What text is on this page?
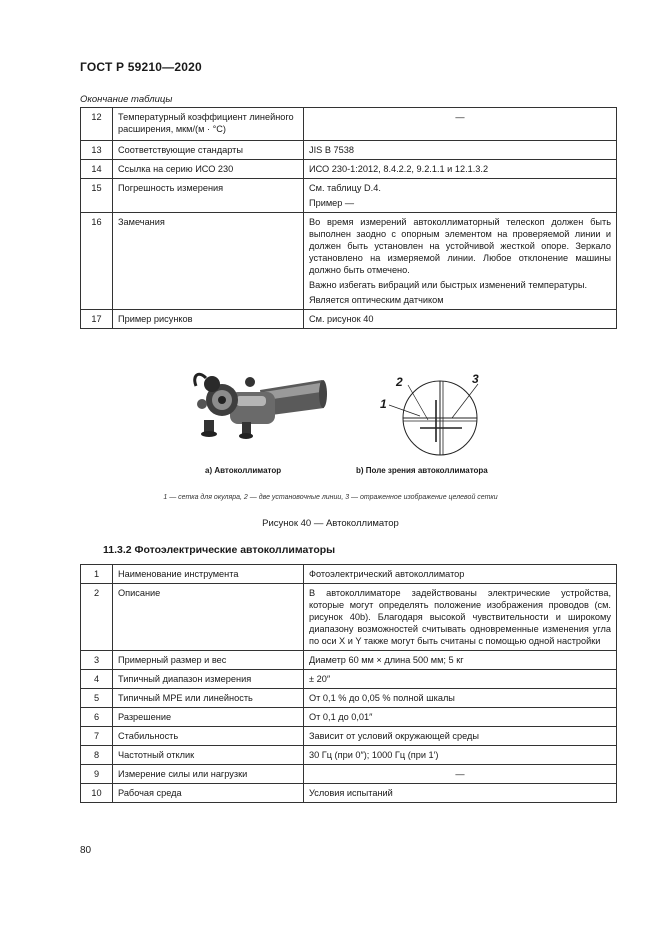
ГОСТ Р 59210—2020
Окончание таблицы
12	Температурный коэффициент линейного расширения, мкм/(м · °C)	—
13	Соответствующие стандарты	JIS B 7538
14	Ссылка на серию ИСО 230	ИСО 230-1:2012, 8.4.2.2, 9.2.1.1 и 12.1.3.2
15	Погрешность измерения	См. таблицу D.4.
Пример —

16	Замечания	Во время измерений автоколлиматорный телескоп должен быть выполнен заодно с опорным элементом на проверяемой линии и должен быть установлен на устойчивой жесткой опоре. Зеркало установлено на измеряемой линии. Любое отклонение машины должно быть отмечено.
Важно избегать вибраций или быстрых изменений температуры.
Является оптическим датчиком

17	Пример рисунков	См. рисунок 40
2	3
1
а) Автоколлиматор	b) Поле зрения автоколлиматора
1 — сетка для окуляра, 2 — две установочные линии, 3 — отраженное изображение целевой сетки
Рисунок 40 — Автоколлиматор
11.3.2 Фотоэлектрические автоколлиматоры
1	Наименование инструмента	Фотоэлектрический автоколлиматор
2	Описание	В автоколлиматоре задействованы электрические устройства, которые могут определять положение изображения проводов (см. рисунок 40b). Благодаря высокой чувствительности и широкому диапазону возможностей считывать одновременные изменения угла по оси X и Y также могут быть считаны с помощью одной настройки
3	Примерный размер и вес	Диаметр 60 мм × длина 500 мм; 5 кг
4	Типичный диапазон измерения	± 20″
5	Типичный MPE или линейность	От 0,1 % до 0,05 % полной шкалы
6	Разрешение	От 0,1 до 0,01″
7	Стабильность	Зависит от условий окружающей среды
8	Частотный отклик	30 Гц (при 0″); 1000 Гц (при 1′)
9	Измерение силы или нагрузки	—
10	Рабочая среда	Условия испытаний
80
